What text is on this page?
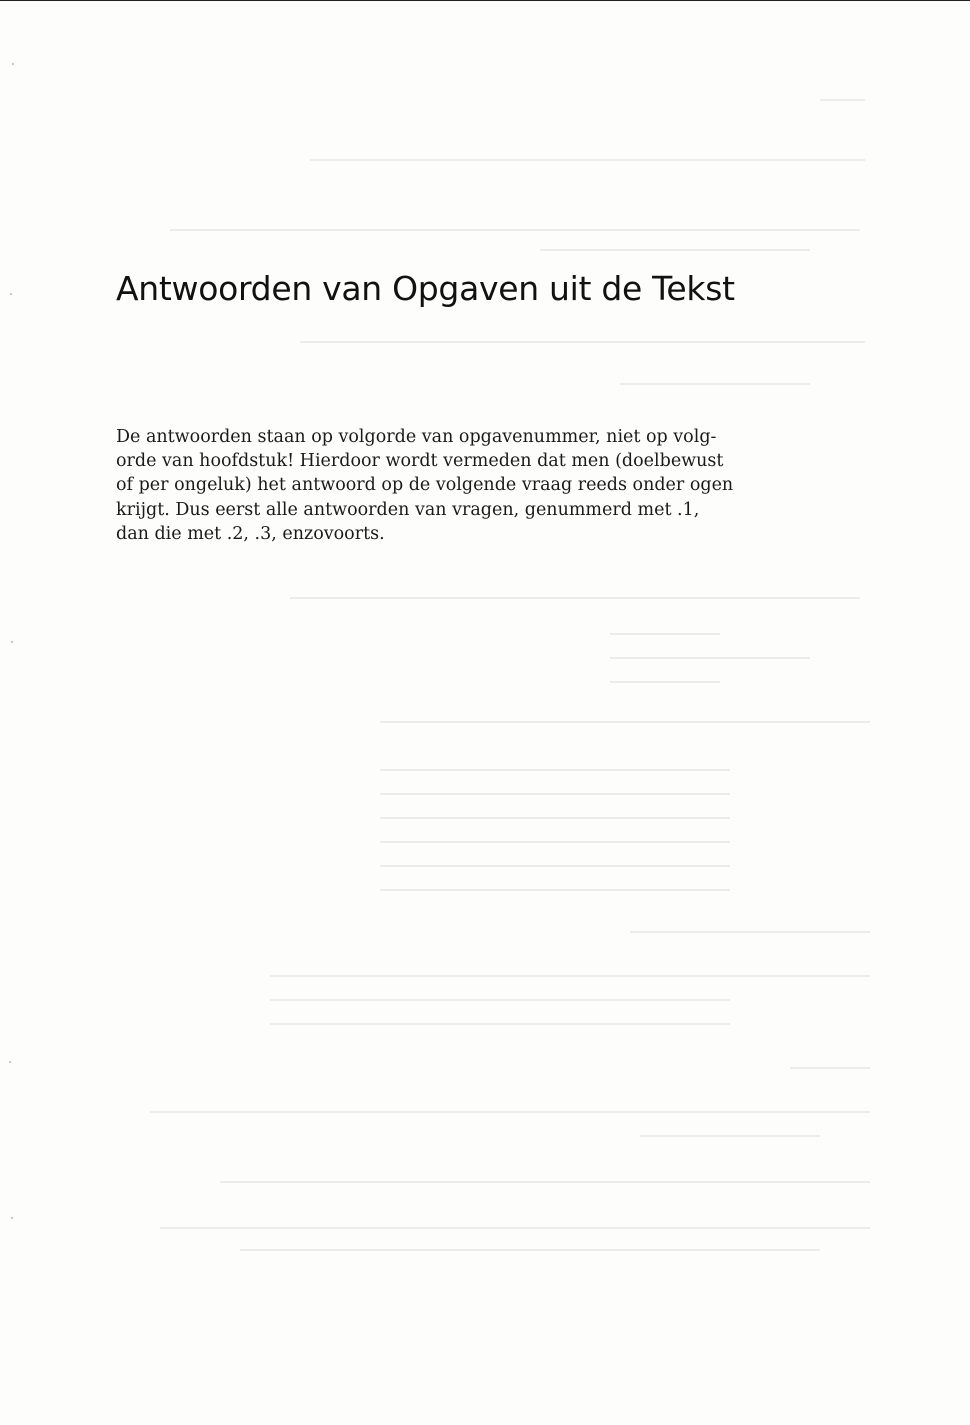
Antwoorden van Opgaven uit de Tekst

De antwoorden staan op volgorde van opgavenummer, niet op volg-
orde van hoofdstuk! Hierdoor wordt vermeden dat men (doelbewust
of per ongeluk) het antwoord op de volgende vraag reeds onder ogen
krijgt. Dus eerst alle antwoorden van vragen, genummerd met .1,
dan die met .2, .3, enzovoorts.
